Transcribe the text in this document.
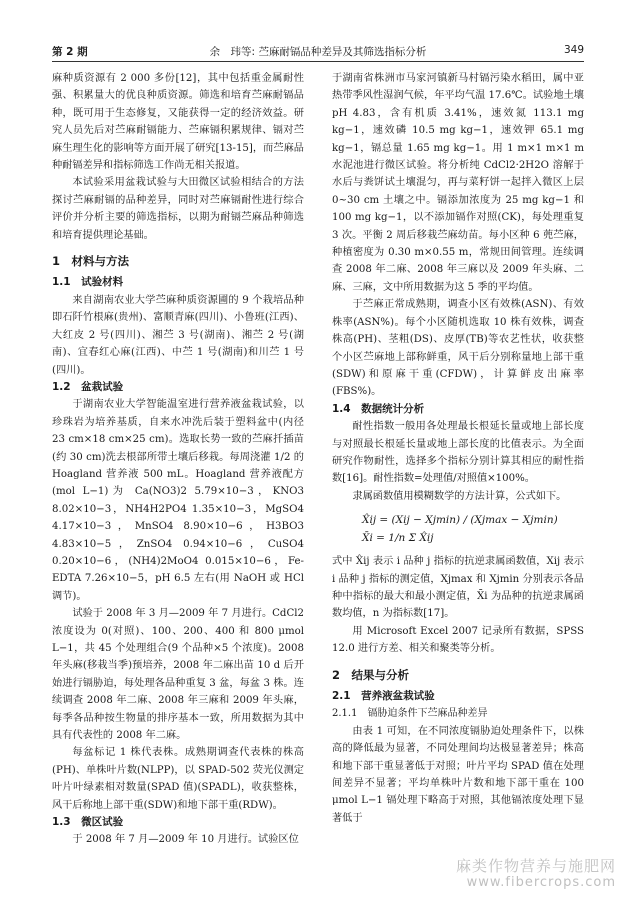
第 2 期	余　玮等: 苎麻耐镉品种差异及其筛选指标分析	349

麻种质资源有 2 000 多份[12]，其中包括重金属耐性强、积累量大的优良种质资源。筛选和培育苎麻耐镉品种，既可用于生态修复，又能获得一定的经济效益。研究人员先后对苎麻耐镉能力、苎麻镉积累规律、镉对苎麻生理生化的影响等方面开展了研究[13-15]，而苎麻品种耐镉差异和指标筛选工作尚无相关报道。

本试验采用盆栽试验与大田微区试验相结合的方法探讨苎麻耐镉的品种差异，同时对苎麻镉耐性进行综合评价并分析主要的筛选指标，以期为耐镉苎麻品种筛选和培育提供理论基础。

1　材料与方法
1.1　试验材料

来自湖南农业大学苎麻种质资源圃的 9 个栽培品种即石阡竹根麻(贵州)、富顺青麻(四川)、小鲁班(江西)、大红皮 2 号(四川)、湘苎 3 号(湖南)、湘苎 2 号(湖南)、宜春红心麻(江西)、中苎 1 号(湖南)和川苎 1 号(四川)。

1.2　盆栽试验

于湖南农业大学智能温室进行营养液盆栽试验，以珍珠岩为培养基质，自来水冲洗后装于塑料盆中(内径 23 cm×18 cm×25 cm)。选取长势一致的苎麻扦插苗(约 30 cm)洗去根部所带土壤后移栽。每周浇灌 1/2 的 Hoagland 营养液 500 mL。Hoagland 营养液配方(mol L−1)为 Ca(NO3)2 5.79×10−3，KNO3 8.02×10−3，NH4H2PO4 1.35×10−3，MgSO4 4.17×10−3，MnSO4 8.90×10−6，H3BO3 4.83×10−5，ZnSO4 0.94×10−6，CuSO4 0.20×10−6，(NH4)2MoO4 0.015×10−6，Fe-EDTA 7.26×10−5，pH 6.5 左右(用 NaOH 或 HCl 调节)。

试验于 2008 年 3 月—2009 年 7 月进行。CdCl2 浓度设为 0(对照)、100、200、400 和 800 μmol L−1，共 45 个处理组合(9 个品种×5 个浓度)。2008 年头麻(移栽当季)预培养，2008 年二麻出苗 10 d 后开始进行镉胁迫，每处理各品种重复 3 盆，每盆 3 株。连续调查 2008 年二麻、2008 年三麻和 2009 年头麻，每季各品种按生物量的排序基本一致，所用数据为其中具有代表性的 2008 年二麻。

每盆标记 1 株代表株。成熟期调查代表株的株高(PH)、单株叶片数(NLPP)，以 SPAD-502 荧光仪测定叶片叶绿素相对数量(SPAD 值)(SPADL)，收获整株，风干后称地上部干重(SDW)和地下部干重(RDW)。

1.3　微区试验

于 2008 年 7 月—2009 年 10 月进行。试验区位

于湖南省株洲市马家河镇新马村镉污染水稻田，属中亚热带季风性湿润气候，年平均气温 17.6℃。试验地土壤 pH 4.83，含有机质 3.41%，速效氮 113.1 mg kg−1，速效磷 10.5 mg kg−1，速效钾 65.1 mg kg−1，镉总量 1.65 mg kg−1。用 1 m×1 m×1 m 水泥池进行微区试验。将分析纯 CdCl2·2H2O 溶解于水后与粪饼试土壤混匀，再与菜籽饼一起拌入微区上层 0~30 cm 土壤之中。镉添加浓度为 25 mg kg−1 和 100 mg kg−1，以不添加镉作对照(CK)，每处理重复 3 次。平衡 2 周后移栽苎麻幼苗。每小区种 6 蔸苎麻，种植密度为 0.30 m×0.55 m，常规田间管理。连续调查 2008 年二麻、2008 年三麻以及 2009 年头麻、二麻、三麻，文中所用数据为这 5 季的平均值。

于苎麻正常成熟期，调查小区有效株(ASN)、有效株率(ASN%)。每个小区随机选取 10 株有效株，调查株高(PH)、茎粗(DS)、皮厚(TB)等农艺性状，收获整个小区苎麻地上部称鲜重，风干后分别称量地上部干重(SDW)和原麻干重(CFDW)，计算鲜皮出麻率(FBS%)。

1.4　数据统计分析

耐性指数一般用各处理最长根延长量或地上部长度与对照最长根延长量或地上部长度的比值表示。为全面研究作物耐性，选择多个指标分别计算其相应的耐性指数[16]。耐性指数=处理值/对照值×100%。

隶属函数值用模糊数学的方法计算，公式如下。

X̂ij = (Xij − Xjmin) / (Xjmax − Xjmin)　　X̄i = 1/n Σ X̂ij

式中 X̂ij 表示 i 品种 j 指标的抗逆隶属函数值，Xij 表示 i 品种 j 指标的测定值，Xjmax 和 Xjmin 分别表示各品种中指标的最大和最小测定值，X̄i 为品种的抗逆隶属函数均值，n 为指标数[17]。

用 Microsoft Excel 2007 记录所有数据，SPSS 12.0 进行方差、相关和聚类等分析。

2　结果与分析
2.1　营养液盆栽试验
2.1.1　镉胁迫条件下苎麻品种差异

由表 1 可知，在不同浓度镉胁迫处理条件下，以株高的降低最为显著，不同处理间均达极显著差异；株高和地下部干重显著低于对照；叶片平均 SPAD 值在处理间差异不显著；平均单株叶片数和地下部干重在 100 μmol L−1 镉处理下略高于对照，其他镉浓度处理下显著低于

麻类作物营养与施肥网
www.fibercrops.com
